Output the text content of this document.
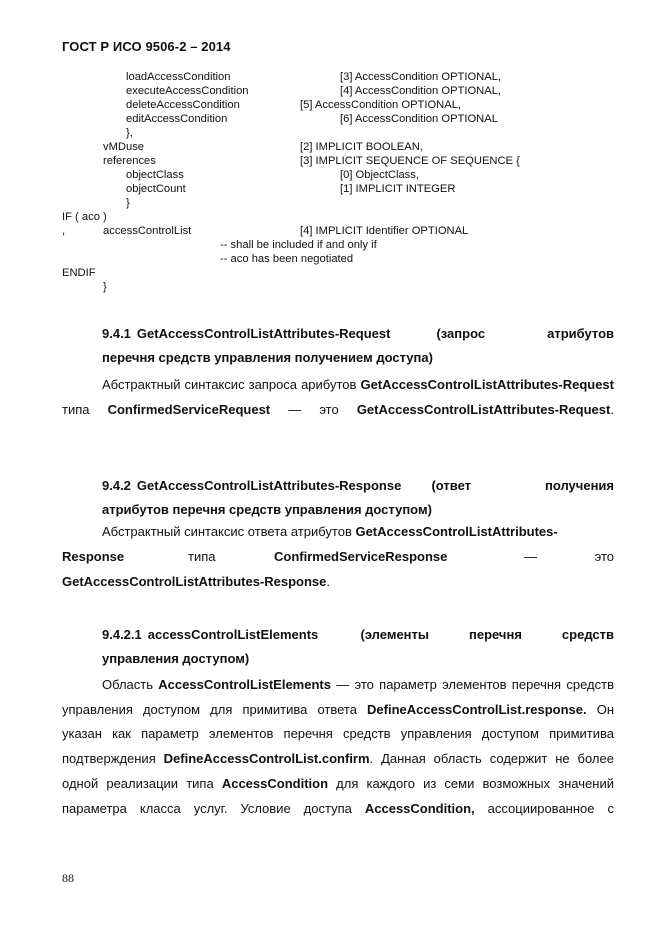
ГОСТ Р ИСО 9506-2 – 2014
loadAccessCondition	[3] AccessCondition OPTIONAL,
executeAccessCondition	[4] AccessCondition OPTIONAL,
deleteAccessCondition	[5] AccessCondition OPTIONAL,
editAccessCondition	[6] AccessCondition OPTIONAL
},
vMDuse	[2] IMPLICIT BOOLEAN,
references	[3] IMPLICIT SEQUENCE OF SEQUENCE {
objectClass	[0] ObjectClass,
objectCount	[1] IMPLICIT INTEGER
}
IF ( aco )
,	accessControlList	[4] IMPLICIT Identifier OPTIONAL
-- shall be included if and only if
-- aco has been negotiated
ENDIF
}
9.4.1 GetAccessControlListAttributes-Request	(запрос	атрибутов
перечня средств управления получением доступа)
Абстрактный синтаксис запроса арибутов GetAccessControlListAttributes-Request типа ConfirmedServiceRequest — это GetAccessControlListAttributes-Request.
9.4.2 GetAccessControlListAttributes-Response (ответ	получения
атрибутов перечня средств управления доступом)
Абстрактный синтаксис ответа атрибутов GetAccessControlListAttributes-
Response	типа	ConfirmedServiceResponse	—	это
GetAccessControlListAttributes-Response.
9.4.2.1 accessControlListElements	(элементы	перечня	средств
управления доступом)
Область AccessControlListElements — это параметр элементов перечня средств управления доступом для примитива ответа DefineAccessControlList.response. Он указан как параметр элементов перечня средств управления доступом примитива подтверждения DefineAccessControlList.confirm. Данная область содержит не более одной реализации типа AccessCondition для каждого из семи возможных значений параметра класса услуг. Условие доступа AccessCondition, ассоциированное с
88
